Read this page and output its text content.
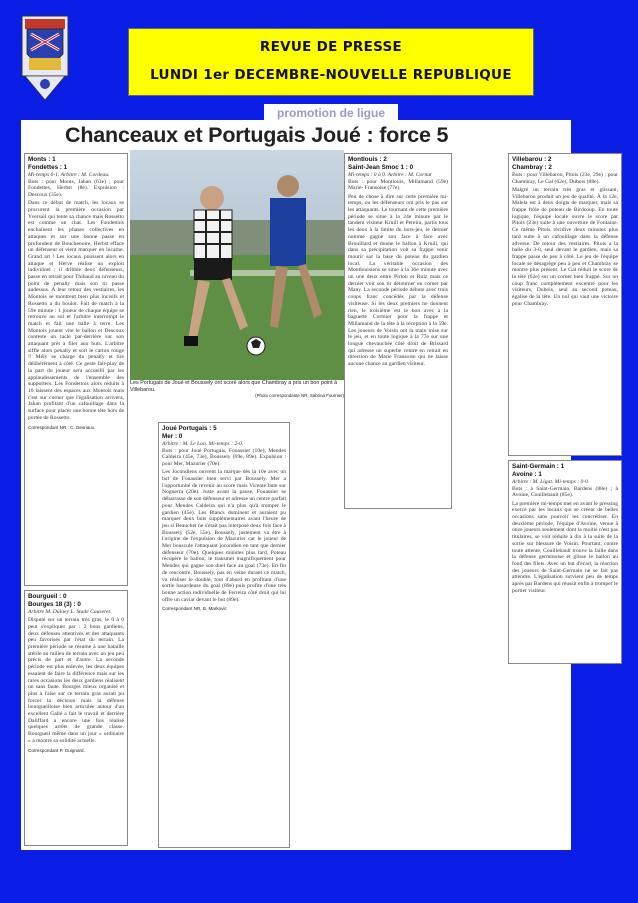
REVUE DE PRESSE
LUNDI 1er DECEMBRE-NOUVELLE REPUBLIQUE
promotion de ligue
Chanceaux et Portugais Joué : force 5
Monts : 1
Fondettes : 1
Mi-temps 0-1. Arbitre : M. Cordeau.
Buts : pour Monts, Jahan (63e) ; pour Fondettes, Herbst (8e). Expulsion : Descoux (35e).

Dans ce début de match, les locaux se procurent la première occasion par Yversail qui tente sa chance mais Rossetto est comme un chat. Les Fondettois enchaînent les phases collectives en attaques et sur une bonne passe en profondeur de Bouchenoire, Herbst efface un défenseur et vient marquer en lucarne. Grand art ! Les locaux poussent alors en attaque et Herve réalise un exploit individuel : il dribble deux défenseurs, passe en retrait pour Thibaud au niveau du point de penalty mais son tir passe audessus. À leur retour des vestiaires, les Montois se montrent bien plus incisifs et Rossetto a du boulot. Fait de match à la 59e minute : 1 joueur de chaque équipe se retrouve au sol et l'arbitre interrompt le match et fait une balle à terre. Les Montois jouent vite le ballon et Descoux conteste un tacle par-derrière sur son attaquant prêt à filer aux buts. L'arbitre siffle alors penalty et sort le carton rouge !! Mély se charge du penalty et tire délibérément à côté. Ce geste fair-play de la part du joueur sera accueilli par les applaudissements de l'ensemble des supporters. Les Fondettois alors réduits à 10 laissent des espaces aux Montois mais c'est sur corner que l'égalisation arrivera, Jahan profitant d'un cafouillage dans la surface pour placer une bonne tête hors de portée de Rossetto.

Correspondant NR : C. Desriaux.
Bourgueil : 0
Bourges 18 (3) : 0
Arbitre M. Dulaey L. Stade Causeret.

Disputé sur un terrain très gras, le 0 à 0 peut s'expliquer par : 2 bons gardiens, deux défenses attentives et des attaquants peu favorisés par l'état du terrain. La première période se résume à une bataille stérile au milieu de terrain avec un jeu peu précis de part et d'autre. La seconde période est plus enlevée, les deux équipes essaient de faire la différence mais sur les rares occasions les deux gardiens réalisent un sans faute. Bourges mieux organisé et plus à l'aise sur ce terrain gras aurait pu forcer la décision mais la défense bourgueilloise bien articulée autour d'un excellent Gallé a fait le travail et derrière Daliffard a encore une fois réalisé quelques arrêts de grande classe. Bourgueil même dans un jour « ordinaire » a montré sa solidité actuelle.

Correspondant P. Guignard.
Les Portugais de Joué et Boussely ont scoré alors que Chambray a pris un bon point à Villebarou.
(Photo correspondante NR, Sabrina Fournier)
Joué Portugais : 5
Mer : 0
Arbitre : M. Le Lan. Mi-temps : 2-0.
Buts : pour Joué Portugais, Fouassier (10e), Mendes Caldeira (45e, 73e), Boussely (69e, 89e). Expulsion : pour Mer, Mazurier (70e).

Les Jocondiens ouvrent la marque dès la 10e avec un but de Fouassier bien servi par Boussely. Mer a l'opportunité de revenir au score mais Vicente bute sur Noguerra (20e). Juste avant la pause, Fouassier se débarrasse de son défenseur et adresse un centre parfait pour Mendes Caldeira qui n'a plus qu'à tromper le gardien (45e). Les Blancs dominent et auraient pu marquer deux buts supplémentaires avant l'heure de jeu si Beauchet ne s'était pas interposé deux fois face à Boussely (52e, 55e). Boussely, justement va être à l'origine de l'expulsion de Mazurier car le joueur de Mer bouscule l'attaquant jocondien en tant que dernier défenseur (70e). Quelques minutes plus tard, Poteau récupère le ballon, le transmet magnifiquement pour Mendes qui gagne son duel face au goal (73e). En fin de rencontre, Boussely, pas en veine durant ce match, va réaliser le doublé, tout d'abord en profitant d'une sortie hasardeuse du goal (89e) puis profite d'une très bonne action individuelle de Ferreira côté droit qui lui offre un caviar devant le but (89e).

Correspondant NR, B. Markovic
Montlouis : 2
Saint-Jean Smoc 1 : 0
Mi-temps : 0 à 0. Arbitre : M. Cornut
Buts : pour Montlouis, Millamand (59e) Marie- Fransoise (77e).

Peu de chose à dire sur cette première mi-temps, ou les défenseurs ont pris le pas sur les attaquants. Le tournant de cette première période se situe à la 24e minute par le tandem visiteur Kruill et Pereira, partis tous les deux à la limite du hors-jeu, le dernier nommé gagne son face à face avec Brouillard et donne le ballon à Kruill, qui dans sa précipitation voit sa frappe venir mourir sur la base du poteau du gardien local. La véritable occasion des Montlouisiens se situe à la 36e minute avec un une deux entre Pirlou et Ruiz mais ce dernier voit son tir détourner en corner par Many. La seconde période débute avec trois coups franc concédés par la défense visiteuse. Si les deux premiers ne donnent rien, le troisième est le bon avec à la baguette Cormier pour la frappe et Millamand de la tête à la réception à la 59e. Les joueurs de Voisin ont la main mise sur le jeu, et en toute logique à la 77e sur une longue chevauchée côté droit de Brissard qui adresse un superbe centre en retrait en direction de Marie Fransoise qui ne laisse aucune chance au gardien visiteur.

Villebarou : 2
Chambray : 2
Buts : pour Villebarou, Pitois (23e, 29e) ; pour Chambray, Le Gal (62e), Dubois (88e).

Malgré un terrain très gras et glissant, Villebarou produit un jeu de qualité. À la 12e, Malela est à deux doigts de marquer, mais sa frappe frôle de poteau de Birdcoup. En toute logique, l'équipe locale ouvre le score par Pitois (23e) suite à une ouverture de Fontaine. Ce même Pitois récidive deux minutes plus tard suite à un cafouillage dans la défense adverse. De retour des vestiaires, Pitois a la balle du 3-0, seul devant le gardien, mais sa frappe passe de peu à côté. Le jeu de l'équipe locale se désagrège peu à peu et Chambray se montre plus présent. Le Gal réduit le score de la tête (62e) sur un corner bien frappé. Sur un coup franc complètement excentré pour les visiteurs, Dubois, seul au second poteau, égalise de la tête. Un nul qui vaut une victoire pour Chambray.

Saint-Germain : 1
Avoine : 1
Arbitre : M. Ligat. Mi-temps : 0-0.
Buts : à Saint-Germain, Bardens (88e) ; à Avoine, Couillebault (85e).

La première mi-temps met en avant le pressing exercé par les locaux qui se créent de belles occasions sans pouvoir les concrétiser. En deuxième période, l'équipe d'Avoine, venue à onze joueurs seulement dont la moitié n'est pas titulaires, se voit réduite à dix à la suite de la sortie sur blessure de Voisin. Pourtant, contre toute attente, Couillebault trouve la faille dans la défense germinoise et glisse le ballon au fond des filets. Avec un but d'écart, la réaction des joueurs de Saint-Germain ne se fait pas attendre. L'égalisation survient peu de temps après par Bardens qui réussit enfin à tromper le portier visiteur.
